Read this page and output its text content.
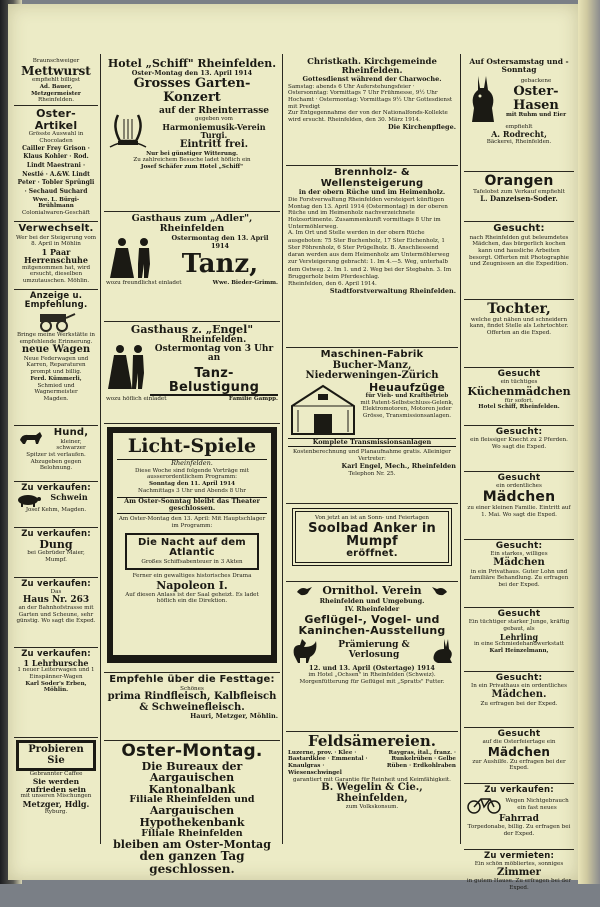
Braunschweiger
Mettwurst
empfiehlt billigst
Ad. Bauer, Metzgermeister
Rheinfelden.
Oster-Artikel
Grösste Auswahl in Chocoladen
Cailler Frey Grison · Klaus Kohler · Rod. Lindt Maestrani · Nestlé · A.&W. Lindt Peter · Tobler Sprüngli · Sechaud Suchard
Wwe. L. Bürgi-Brühlmann
Colonialwaren-Geschäft
Verwechselt.
Wer bei der Steigerung vom 8. April in Möhlin
1 Paar Herrenschuhe
mitgenommen hat, wird ersucht, dieselben umzutauschen. Möhlin.
Anzeige u. Empfehlung.
Bringe meine Werkstätte in empfehlende Erinnerung.
neue Wagen
Neue Federwagen und Karren, Reparaturen prompt und billig.
Ferd. Kümmerli,
Schmied und Wagnermeister
Magden.
Hund,
kleiner, schwarzer Spitzer ist verlaufen. Abzugeben gegen Belohnung.
Zu verkaufen:
Schwein
Josef Kehm, Magden.
Zu verkaufen:
Dung
bei Gebrüder Maier, Mumpf.
Zu verkaufen:
Das
Haus Nr. 263
an der Bahnhofstrasse mit Garten und Scheune, sehr günstig. Wo sagt die Exped.
Zu verkaufen:
1 Lehrbursche
1 neuer Leiterwagen und 1 Einspänner-Wagen
Karl Soder's Erben, Möhlin.
Probieren Sie
Gebrannter Caffee
Sie werden zufrieden sein
mit unseren Mischungen
Metzger, Hdlg.
Ryburg.
Hotel „Schiff" Rheinfelden.
Oster-Montag den 13. April 1914
Grosses Garten-Konzert
auf der Rheinterrasse
gegeben vom
Harmoniemusik-Verein Turgi.
Eintritt frei.
Nur bei günstiger Witterung.
Zu zahlreichem Besuche ladet höflich ein
Josef Schäfer zum Hotel „Schiff"
Gasthaus zum „Adler", Rheinfelden
Ostermontag den 13. April 1914
Tanz,
wozu freundlichst einladet	Wwe. Bieder-Grimm.
Gasthaus z. „Engel"
Rheinfelden.
Ostermontag von 3 Uhr an
Tanz-Belustigung
wozu höflich einladet	Familie Gampp.
Licht-Spiele
Rheinfelden.
Diese Woche sind folgende Vorträge mit ausserordentlichem Programm:
Sonntag den 11. April 1914
Nachmittags 3 Uhr und Abends 8 Uhr
Am Oster-Sonntag bleibt das Theater geschlossen.
Am Oster-Montag den 13. April: Mit Hauptschlager im Programm:
Die Nacht auf dem Atlantic
Großes Schiffsabenteuer in 3 Akten
Ferner ein gewaltiges historisches Drama
Napoleon I.
Auf diesen Anlass ist der Saal geheizt. Es ladet höflich ein die Direktion.
Empfehle über die Festtage:
Schönes
prima Rindfleisch, Kalbfleisch & Schweinefleisch.
Hauri, Metzger, Möhlin.
Oster-Montag.
Die Bureaux der
Aargauischen Kantonalbank
Filiale Rheinfelden und
Aargauischen Hypothekenbank
Filiale Rheinfelden
bleiben am Oster-Montag
den ganzen Tag geschlossen.
Christkath. Kirchgemeinde Rheinfelden.
Gottesdienst während der Charwoche.
Samstag: abends 6 Uhr Auferstehungsfeier · Ostersonntag: Vormittags 7 Uhr Frühmesse, 9½ Uhr Hochamt · Ostermontag: Vormittags 9½ Uhr Gottesdienst mit Predigt
Zur Entgegennahme der von der Nationalfonds-Kollekte wird ersucht. Rheinfelden, den 30. März 1914.
Die Kirchenpflege.
Brennholz- & Wellensteigerung
in der obern Rüche und im Heimenholz.
Die Forstverwaltung Rheinfelden versteigert künftigen Montag den 13. April 1914 (Ostermontag) in der oberen Rüche und im Heimenholz nachverzeichnete Holzsortimente. Zusammenkunft vormittags 8 Uhr im Untermöhlerweg.
A. Im Ort und Stelle werden in der obern Rüche ausgeboten: 75 Ster Buchenholz, 17 Ster Eichenholz, 1 Ster Föhrenholz, 6 Ster Prügelholz. B. Anschliessend daran werden aus dem Heimenholz am Untermöhlerweg zur Versteigerung gebracht: 1. Im 4.—5. Weg, unterhalb dem Ostweg. 2. Im 1. und 2. Weg bei der Stegbahn. 3. Im Bruggerholz beim Pferdeschlag.
Rheinfelden, den 6. April 1914.
Stadtforstverwaltung Rheinfelden.
Maschinen-Fabrik
Bucher-Manz, Niederweningen-Zürich
Heuaufzüge
für Vieh- und Kraftbetrieb
mit Patent-Selbstschluss-Gelenk, Elektromotoren, Motoren jeder Grösse, Transmissionsanlagen.
Komplete Transmissionsanlagen
Kostenberechnung und Planaufnahme gratis. Alleiniger Vertreter:
Karl Engel, Mech., Rheinfelden
Telephon Nr. 25.
Von jetzt an ist an Sonn- und Feiertagen
Soolbad Anker in Mumpf
eröffnet.
Ornithol. Verein
Rheinfelden und Umgebung.
IV. Rheinfelder
Geflügel-, Vogel- und Kaninchen-Ausstellung
Prämierung & Verlosung
12. und 13. April (Ostertage) 1914
im Hotel „Ochsen" in Rheinfelden (Schweiz).
Morgenfütterung für Geflügel mit „Spratts" Futter.
Feldsämereien.
Luzerne, prov. · Klee · Bastardklee · Emmental · Knaulgras · Wiesenschwingel
Raygras, ital., franz. · Runkelrüben · Gelbe Rüben · Erdkohlraben
garantiert mit Garantie für Reinheit und Keimfähigkeit.
B. Wegelin & Cie., Rheinfelden,
zum Volkskonsum.
Auf Ostersamstag und -Sonntag
gebackene
Oster-Hasen
mit Ruhm und Eier
empfiehlt
A. Rodrecht,
Bäckerei, Rheinfelden.
Orangen
Tafelobst zum Verkauf empfiehlt
L. Danzeisen-Soder.
Gesucht:
nach Rheinfelden gut beleumdetes Mädchen, das bürgerlich kochen kann und hausliche Arbeiten besorgt. Offerten mit Photographie und Zeugnissen an die Expedition.
Tochter,
welche gut nähen und schneidern kann, findet Stelle als Lehrtochter. Offerten an die Exped.
Gesucht
ein tüchtiges
Küchenmädchen
für sofort.
Hotel Schiff, Rheinfelden.
Gesucht:
ein fleissiger Knecht zu 2 Pferden. Wo sagt die Exped.
Gesucht
ein ordentliches
Mädchen
zu einer kleinen Familie. Eintritt auf 1. Mai. Wo sagt die Exped.
Gesucht:
Ein starkes, williges
Mädchen
in ein Privathaus. Guter Lohn und familiäre Behandlung. Zu erfragen bei der Exped.
Gesucht
Ein tüchtiger starker Junge, kräftig gebaut, als
Lehrling
in eine Schmiedehandwerkstatt
Karl Heinzelmann,
Gesucht:
In ein Privathaus ein ordentliches
Mädchen.
Zu erfragen bei der Exped.
Gesucht
auf die Osterfeiertage ein
Mädchen
zur Aushilfe. Zu erfragen bei der Exped.
Zu verkaufen:
Wegen Nichtgebrauch ein fast neues
Fahrrad
Torpedonabe, billig. Zu erfragen bei der Exped.
Zu vermieten:
Ein schön möbliertes, sonniges
Zimmer
in gutem Hause. Zu erfragen bei der Exped.
